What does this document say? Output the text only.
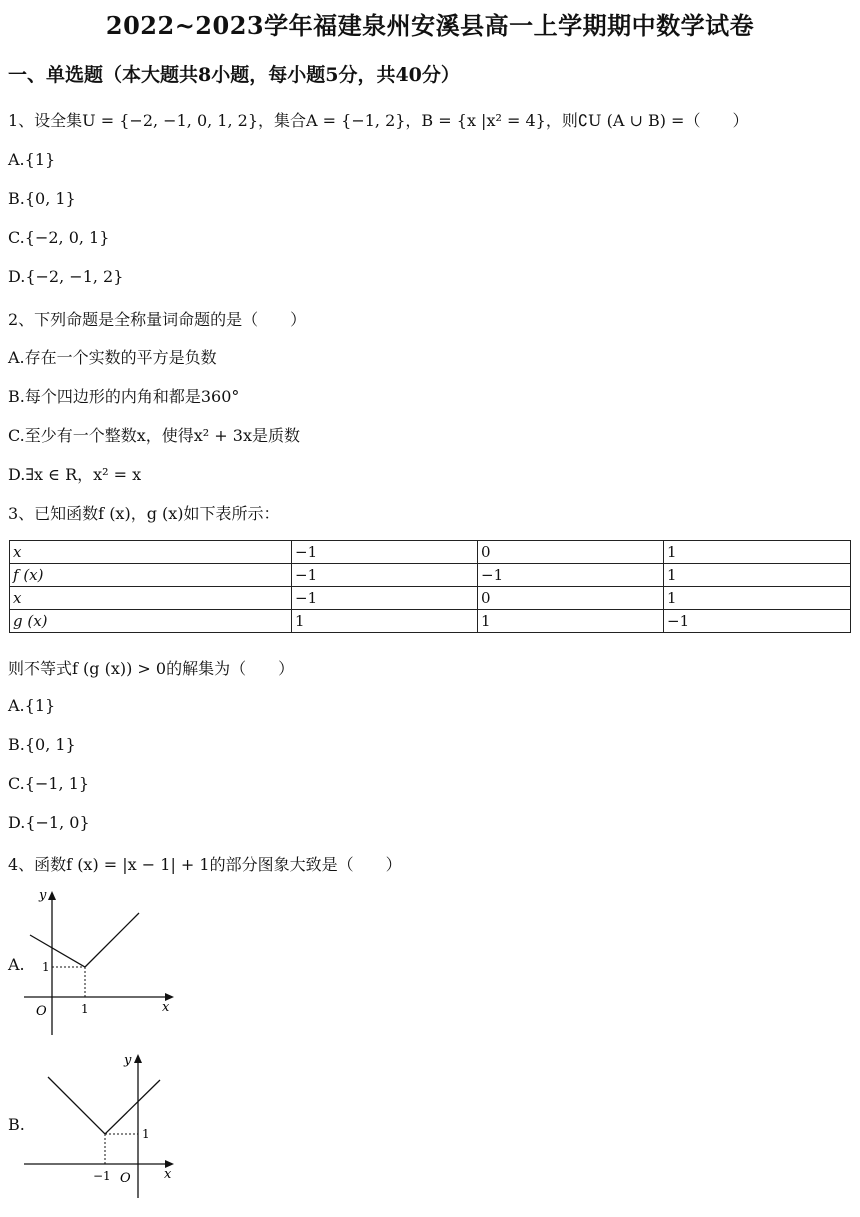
2022~2023学年福建泉州安溪县高一上学期期中数学试卷
一、单选题（本大题共8小题，每小题5分，共40分）
1、设全集U = {−2, −1, 0, 1, 2}，集合A = {−1, 2}，B = {x |x² = 4}，则∁U (A ∪ B) =（　　）
A.{1}
B.{0, 1}
C.{−2, 0, 1}
D.{−2, −1, 2}
2、下列命题是全称量词命题的是（　　）
A.存在一个实数的平方是负数
B.每个四边形的内角和都是360°
C.至少有一个整数x，使得x² + 3x是质数
D.∃x ∈ R，x² = x
3、已知函数f (x)，g (x)如下表所示：
x	−1	0	1
f (x)	−1	−1	1
x	−1	0	1
g (x)	1	1	−1
则不等式f (g (x)) > 0的解集为（　　）
A.{1}
B.{0, 1}
C.{−1, 1}
D.{−1, 0}
4、函数f (x) = |x − 1| + 1的部分图象大致是（　　）
A.
y
x
O	1
1
B.
y
x
O
−1
1
